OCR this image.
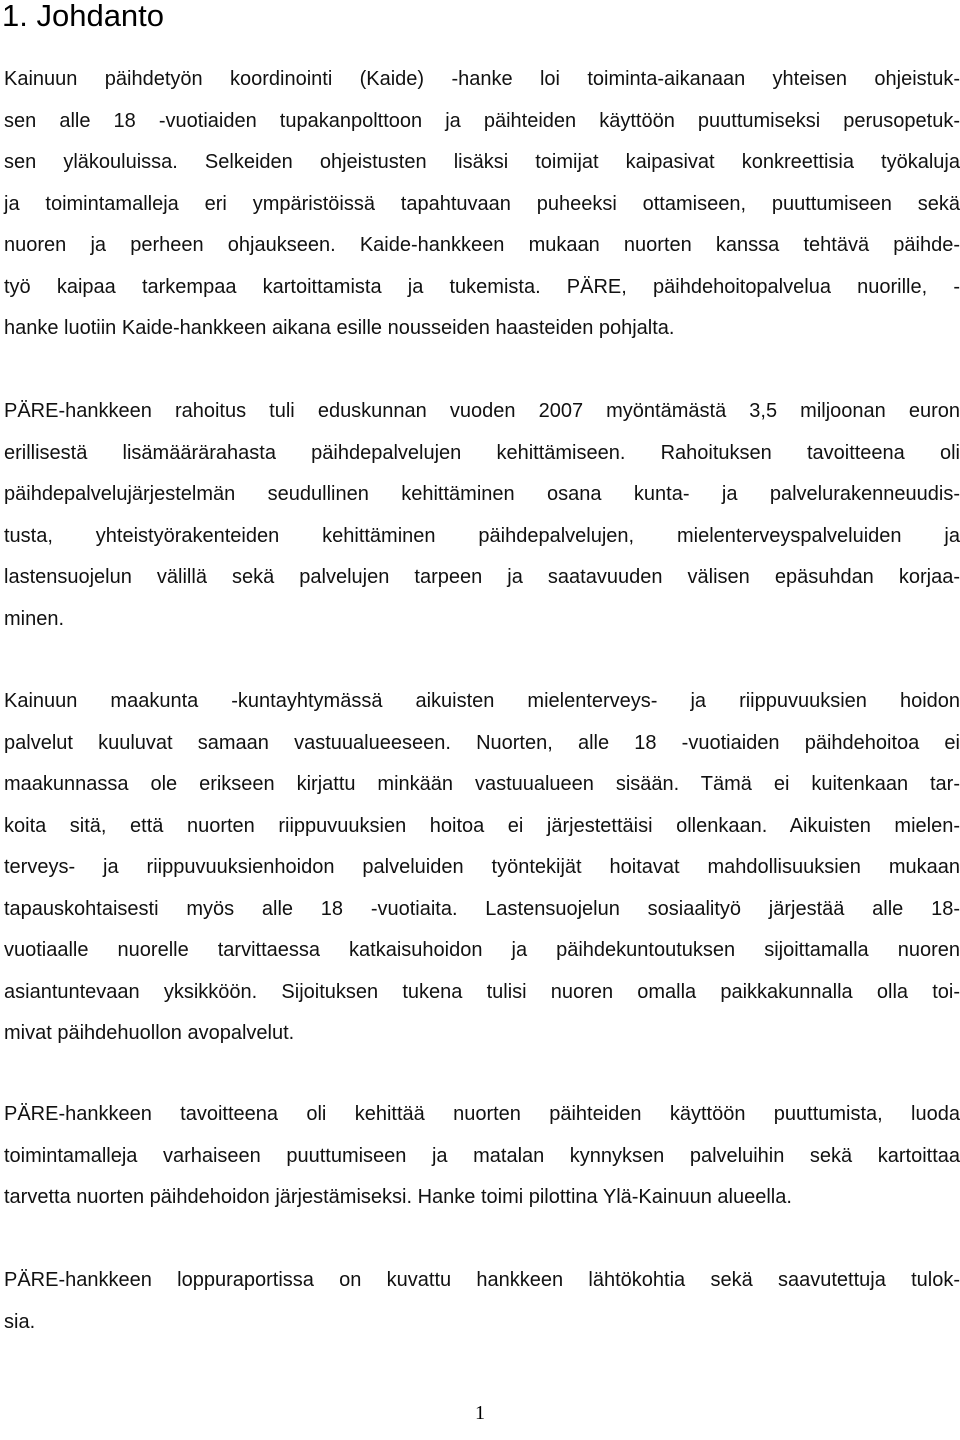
1. Johdanto
Kainuun päihdetyön koordinointi (Kaide) -hanke loi toiminta-aikanaan yhteisen ohjeistuk-
sen alle 18 -vuotiaiden tupakanpolttoon ja päihteiden käyttöön puuttumiseksi perusopetuk-
sen yläkouluissa. Selkeiden ohjeistusten lisäksi toimijat kaipasivat konkreettisia työkaluja
ja toimintamalleja eri ympäristöissä tapahtuvaan puheeksi ottamiseen, puuttumiseen sekä
nuoren ja perheen ohjaukseen. Kaide-hankkeen mukaan nuorten kanssa tehtävä päihde-
työ kaipaa tarkempaa kartoittamista ja tukemista. PÄRE, päihdehoitopalvelua nuorille, -
hanke luotiin Kaide-hankkeen aikana esille nousseiden haasteiden pohjalta.
PÄRE-hankkeen rahoitus tuli eduskunnan vuoden 2007 myöntämästä 3,5 miljoonan euron
erillisestä lisämäärärahasta päihdepalvelujen kehittämiseen. Rahoituksen tavoitteena oli
päihdepalvelujärjestelmän seudullinen kehittäminen osana kunta- ja palvelurakenneuudis-
tusta, yhteistyörakenteiden kehittäminen päihdepalvelujen, mielenterveyspalveluiden ja
lastensuojelun välillä sekä palvelujen tarpeen ja saatavuuden välisen epäsuhdan korjaa-
minen.
Kainuun maakunta -kuntayhtymässä aikuisten mielenterveys- ja riippuvuuksien hoidon
palvelut kuuluvat samaan vastuualueeseen. Nuorten, alle 18 -vuotiaiden päihdehoitoa ei
maakunnassa ole erikseen kirjattu minkään vastuualueen sisään. Tämä ei kuitenkaan tar-
koita sitä, että nuorten riippuvuuksien hoitoa ei järjestettäisi ollenkaan. Aikuisten mielen-
terveys- ja riippuvuuksienhoidon palveluiden työntekijät hoitavat mahdollisuuksien mukaan
tapauskohtaisesti myös alle 18 -vuotiaita. Lastensuojelun sosiaalityö järjestää alle 18-
vuotiaalle nuorelle tarvittaessa katkaisuhoidon ja päihdekuntoutuksen sijoittamalla nuoren
asiantuntevaan yksikköön. Sijoituksen tukena tulisi nuoren omalla paikkakunnalla olla toi-
mivat päihdehuollon avopalvelut.
PÄRE-hankkeen tavoitteena oli kehittää nuorten päihteiden käyttöön puuttumista, luoda
toimintamalleja varhaiseen puuttumiseen ja matalan kynnyksen palveluihin sekä kartoittaa
tarvetta nuorten päihdehoidon järjestämiseksi. Hanke toimi pilottina Ylä-Kainuun alueella.
PÄRE-hankkeen loppuraportissa on kuvattu hankkeen lähtökohtia sekä saavutettuja tulok-
sia.

1
